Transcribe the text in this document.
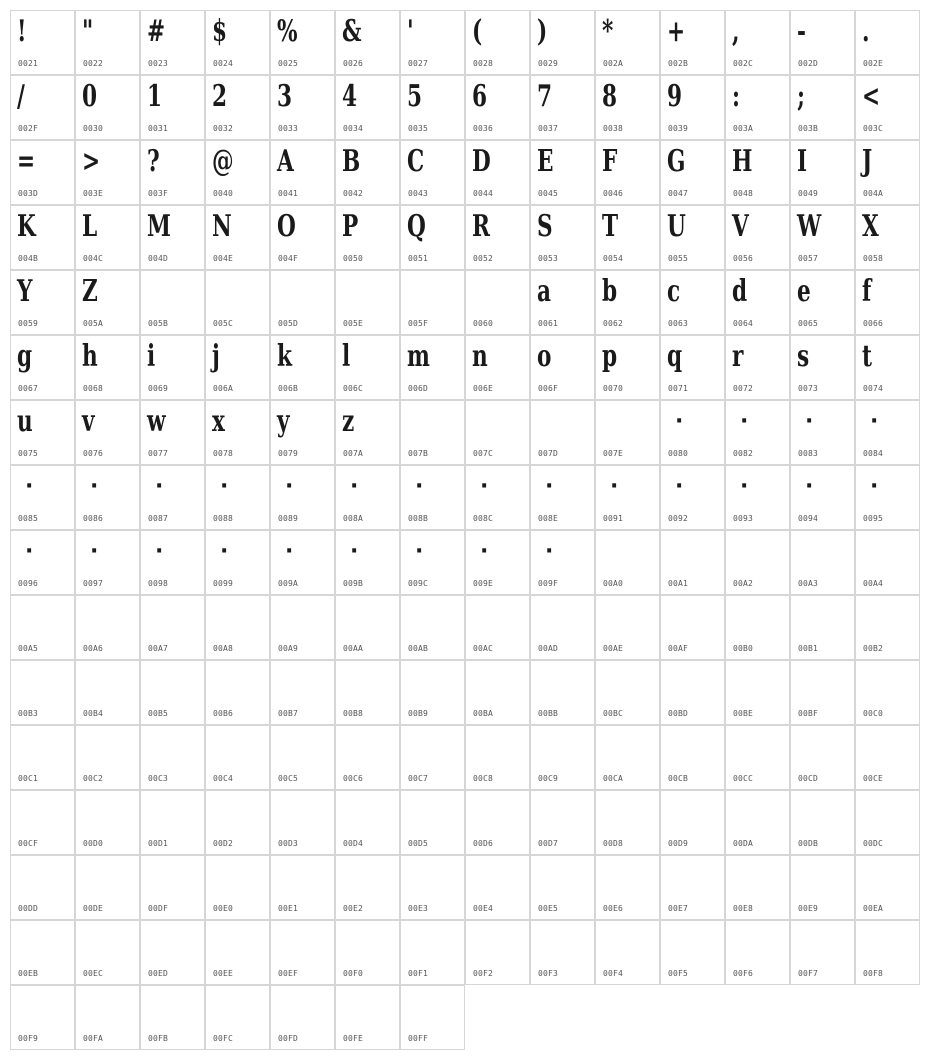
!
0021
"
0022
#
0023
$
0024
%
0025
&
0026
'
0027
(
0028
)
0029
*
002A
+
002B
,
002C
-
002D
.
002E
/
002F
0
0030
1
0031
2
0032
3
0033
4
0034
5
0035
6
0036
7
0037
8
0038
9
0039
:
003A
;
003B
<
003C
=
003D
>
003E
?
003F
@
0040
A
0041
B
0042
C
0043
D
0044
E
0045
F
0046
G
0047
H
0048
I
0049
J
004A
K
004B
L
004C
M
004D
N
004E
O
004F
P
0050
Q
0051
R
0052
S
0053
T
0054
U
0055
V
0056
W
0057
X
0058
Y
0059
Z
005A	005B	005C	005D	005E	005F	0060
a
0061
b
0062
c
0063
d
0064
e
0065
f
0066
g
0067
h
0068
i
0069
j
006A
k
006B
l
006C
m
006D
n
006E
o
006F
p
0070
q
0071
r
0072
s
0073
t
0074
u
0075
v
0076
w
0077
x
0078
y
0079
z
007A	007B	007C	007D	007E
·
0080
·
0082
·
0083
·
0084
·
0085
·
0086
·
0087
·
0088
·
0089
·
008A
·
008B
·
008C
·
008E
·
0091
·
0092
·
0093
·
0094
·
0095
·
0096
·
0097
·
0098
·
0099
·
009A
·
009B
·
009C
·
009E
·
009F	00A0	00A1	00A2	00A3	00A4
00A5	00A6	00A7	00A8	00A9	00AA	00AB	00AC	00AD	00AE	00AF	00B0	00B1	00B2
00B3	00B4	00B5	00B6	00B7	00B8	00B9	00BA	00BB	00BC	00BD	00BE	00BF	00C0
00C1	00C2	00C3	00C4	00C5	00C6	00C7	00C8	00C9	00CA	00CB	00CC	00CD	00CE
00CF	00D0	00D1	00D2	00D3	00D4	00D5	00D6	00D7	00D8	00D9	00DA	00DB	00DC
00DD	00DE	00DF	00E0	00E1	00E2	00E3	00E4	00E5	00E6	00E7	00E8	00E9	00EA
00EB	00EC	00ED	00EE	00EF	00F0	00F1	00F2	00F3	00F4	00F5	00F6	00F7	00F8
00F9	00FA	00FB	00FC	00FD	00FE	00FF
